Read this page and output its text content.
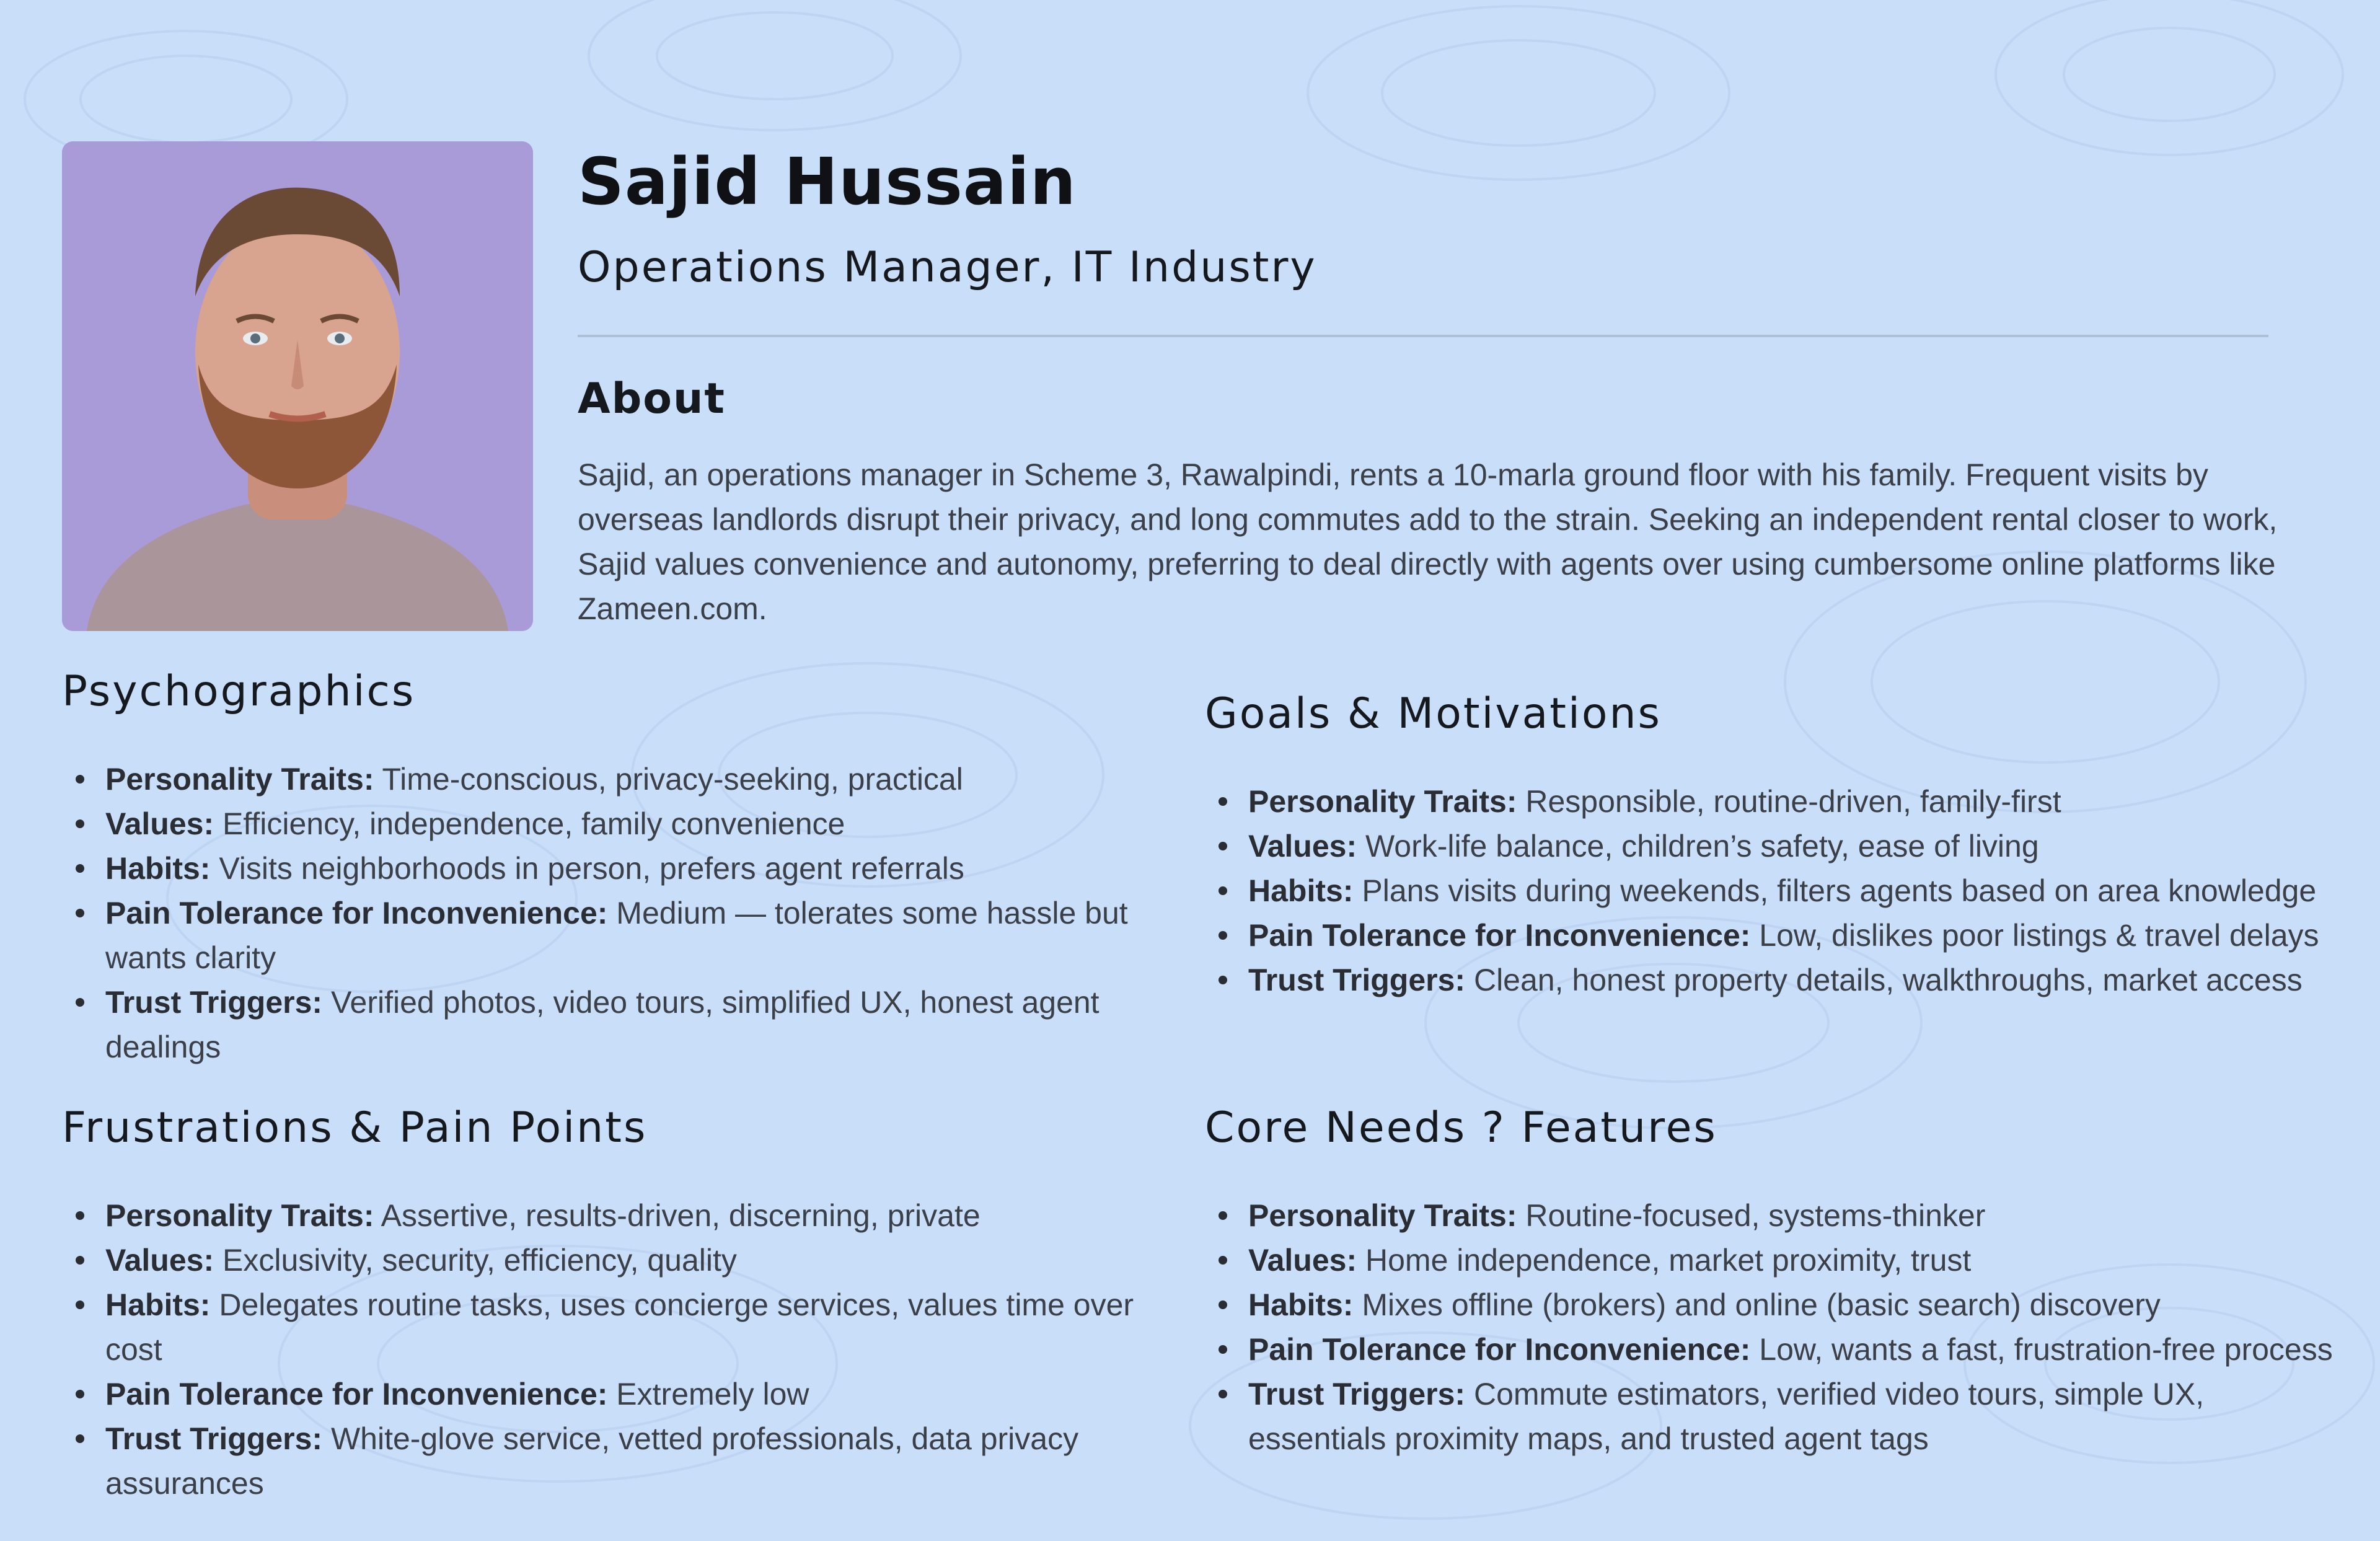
Sajid Hussain
Operations Manager, IT Industry
About

Sajid, an operations manager in Scheme 3, Rawalpindi, rents a 10-marla ground floor with his family. Frequent visits by overseas landlords disrupt their privacy, and long commutes add to the strain. Seeking an independent rental closer to work, Sajid values convenience and autonomy, preferring to deal directly with agents over using cumbersome online platforms like Zameen.com.

Psychographics
Personality Traits: Time-conscious, privacy-seeking, practical
Values: Efficiency, independence, family convenience
Habits: Visits neighborhoods in person, prefers agent referrals
Pain Tolerance for Inconvenience: Medium — tolerates some hassle but wants clarity
Trust Triggers: Verified photos, video tours, simplified UX, honest agent dealings
Goals & Motivations
Personality Traits: Responsible, routine-driven, family-first
Values: Work-life balance, children’s safety, ease of living
Habits: Plans visits during weekends, filters agents based on area knowledge
Pain Tolerance for Inconvenience: Low, dislikes poor listings & travel delays
Trust Triggers: Clean, honest property details, walkthroughs, market access
Frustrations & Pain Points
Personality Traits: Assertive, results-driven, discerning, private
Values: Exclusivity, security, efficiency, quality
Habits: Delegates routine tasks, uses concierge services, values time over cost
Pain Tolerance for Inconvenience: Extremely low
Trust Triggers: White-glove service, vetted professionals, data privacy assurances
Core Needs ? Features
Personality Traits: Routine-focused, systems-thinker
Values: Home independence, market proximity, trust
Habits: Mixes offline (brokers) and online (basic search) discovery
Pain Tolerance for Inconvenience: Low, wants a fast, frustration-free process
Trust Triggers: Commute estimators, verified video tours, simple UX, essentials proximity maps, and trusted agent tags
